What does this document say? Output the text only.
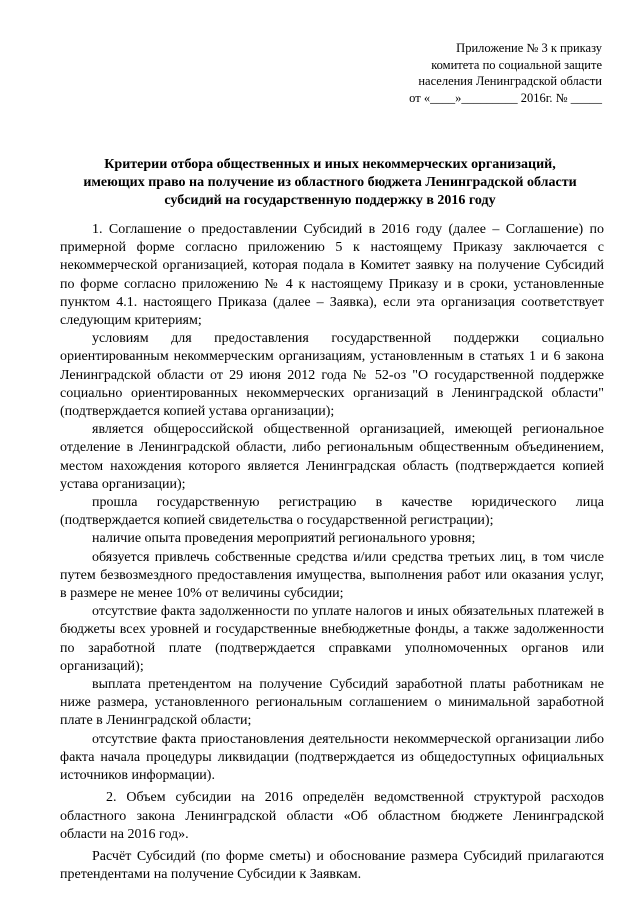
Приложение № 3 к приказу
комитета по социальной защите
населения Ленинградской области
от «____»_________ 2016г. № _____
Критерии отбора общественных и иных некоммерческих организаций,
имеющих право на получение из областного бюджета Ленинградской области
субсидий на государственную поддержку в 2016 году

1. Соглашение о предоставлении Субсидий в 2016 году (далее – Соглашение) по примерной форме согласно приложению 5 к настоящему Приказу заключается с некоммерческой организацией, которая подала в Комитет заявку на получение Субсидий по форме согласно приложению № 4 к настоящему Приказу и в сроки, установленные пунктом 4.1. настоящего Приказа (далее – Заявка), если эта организация соответствует следующим критериям;

условиям для предоставления государственной поддержки социально ориентированным некоммерческим организациям, установленным в статьях 1 и 6 закона Ленинградской области от 29 июня 2012 года № 52-оз "О государственной поддержке социально ориентированных некоммерческих организаций в Ленинградской области" (подтверждается копией устава организации);

является общероссийской общественной организацией, имеющей региональное отделение в Ленинградской области, либо региональным общественным объединением, местом нахождения которого является Ленинградская область (подтверждается копией устава организации);

прошла государственную регистрацию в качестве юридического лица (подтверждается копией свидетельства о государственной регистрации);

наличие опыта проведения мероприятий регионального уровня;

обязуется привлечь собственные средства и/или средства третьих лиц, в том числе путем безвозмездного предоставления имущества, выполнения работ или оказания услуг, в размере не менее 10% от величины субсидии;

отсутствие факта задолженности по уплате налогов и иных обязательных платежей в бюджеты всех уровней и государственные внебюджетные фонды, а также задолженности по заработной плате (подтверждается справками уполномоченных органов или организаций);

выплата претендентом на получение Субсидий заработной платы работникам не ниже размера, установленного региональным соглашением о минимальной заработной плате в Ленинградской области;

отсутствие факта приостановления деятельности некоммерческой организации либо факта начала процедуры ликвидации (подтверждается из общедоступных официальных источников информации).

2. Объем субсидии на 2016 определён ведомственной структурой расходов областного закона Ленинградской области «Об областном бюджете Ленинградской области на 2016 год».

Расчёт Субсидий (по форме сметы) и обоснование размера Субсидий прилагаются претендентами на получение Субсидии к Заявкам.
